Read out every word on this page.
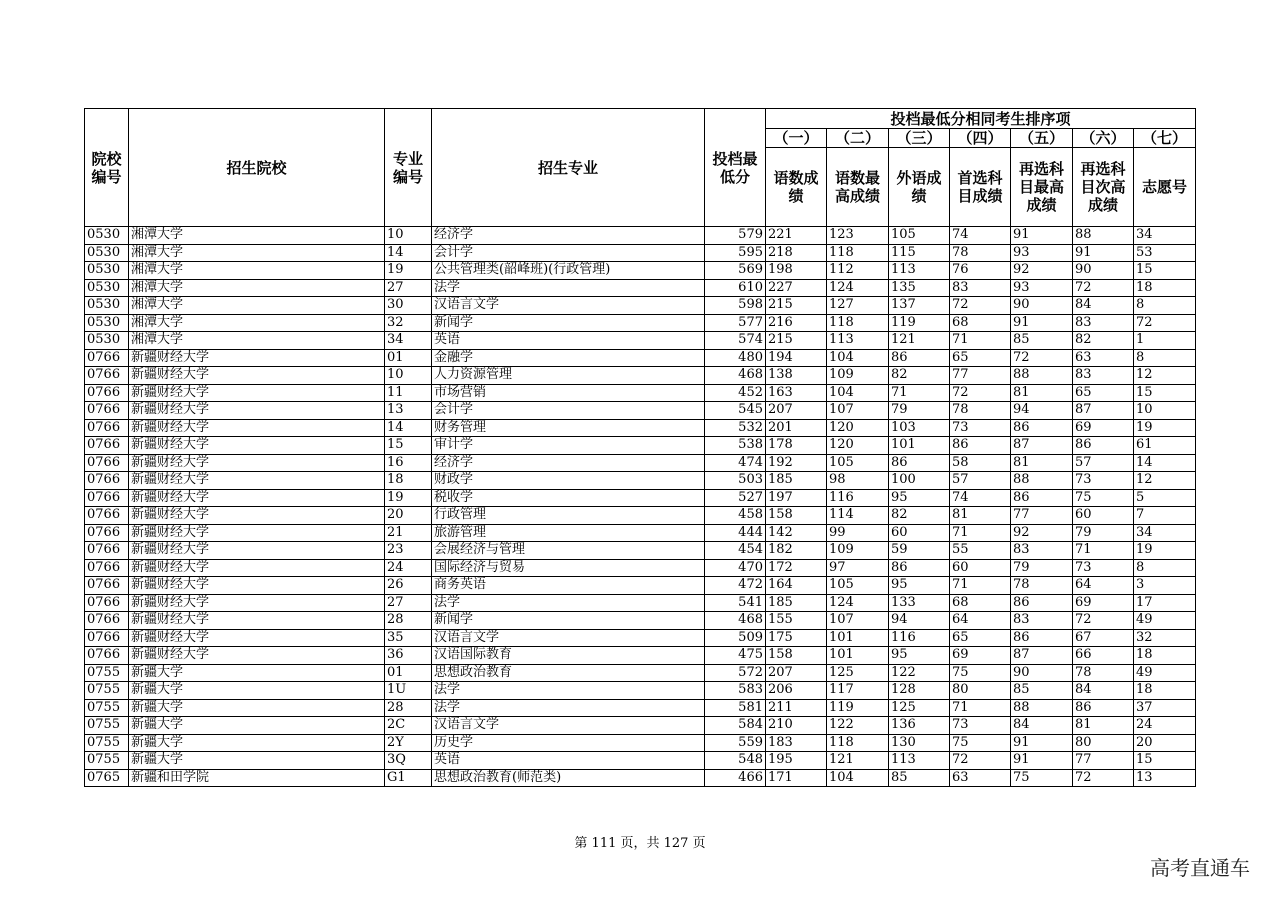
院校编号	招生院校	专业编号	招生专业	投档最低分	投档最低分相同考生排序项						
					（一）	（二）	（三）	（四）	（五）	（六）	（七）
					语数成绩	语数最高成绩	外语成绩	首选科目成绩	再选科目最高成绩	再选科目次高成绩	志愿号
0530	湘潭大学	10	经济学	579	221	123	105	74	91	88	34
0530	湘潭大学	14	会计学	595	218	118	115	78	93	91	53
0530	湘潭大学	19	公共管理类(韶峰班)(行政管理)	569	198	112	113	76	92	90	15
0530	湘潭大学	27	法学	610	227	124	135	83	93	72	18
0530	湘潭大学	30	汉语言文学	598	215	127	137	72	90	84	8
0530	湘潭大学	32	新闻学	577	216	118	119	68	91	83	72
0530	湘潭大学	34	英语	574	215	113	121	71	85	82	1
0766	新疆财经大学	01	金融学	480	194	104	86	65	72	63	8
0766	新疆财经大学	10	人力资源管理	468	138	109	82	77	88	83	12
0766	新疆财经大学	11	市场营销	452	163	104	71	72	81	65	15
0766	新疆财经大学	13	会计学	545	207	107	79	78	94	87	10
0766	新疆财经大学	14	财务管理	532	201	120	103	73	86	69	19
0766	新疆财经大学	15	审计学	538	178	120	101	86	87	86	61
0766	新疆财经大学	16	经济学	474	192	105	86	58	81	57	14
0766	新疆财经大学	18	财政学	503	185	98	100	57	88	73	12
0766	新疆财经大学	19	税收学	527	197	116	95	74	86	75	5
0766	新疆财经大学	20	行政管理	458	158	114	82	81	77	60	7
0766	新疆财经大学	21	旅游管理	444	142	99	60	71	92	79	34
0766	新疆财经大学	23	会展经济与管理	454	182	109	59	55	83	71	19
0766	新疆财经大学	24	国际经济与贸易	470	172	97	86	60	79	73	8
0766	新疆财经大学	26	商务英语	472	164	105	95	71	78	64	3
0766	新疆财经大学	27	法学	541	185	124	133	68	86	69	17
0766	新疆财经大学	28	新闻学	468	155	107	94	64	83	72	49
0766	新疆财经大学	35	汉语言文学	509	175	101	116	65	86	67	32
0766	新疆财经大学	36	汉语国际教育	475	158	101	95	69	87	66	18
0755	新疆大学	01	思想政治教育	572	207	125	122	75	90	78	49
0755	新疆大学	1U	法学	583	206	117	128	80	85	84	18
0755	新疆大学	28	法学	581	211	119	125	71	88	86	37
0755	新疆大学	2C	汉语言文学	584	210	122	136	73	84	81	24
0755	新疆大学	2Y	历史学	559	183	118	130	75	91	80	20
0755	新疆大学	3Q	英语	548	195	121	113	72	91	77	15
0765	新疆和田学院	G1	思想政治教育(师范类)	466	171	104	85	63	75	72	13
第 111 页，共 127 页
高考直通车
